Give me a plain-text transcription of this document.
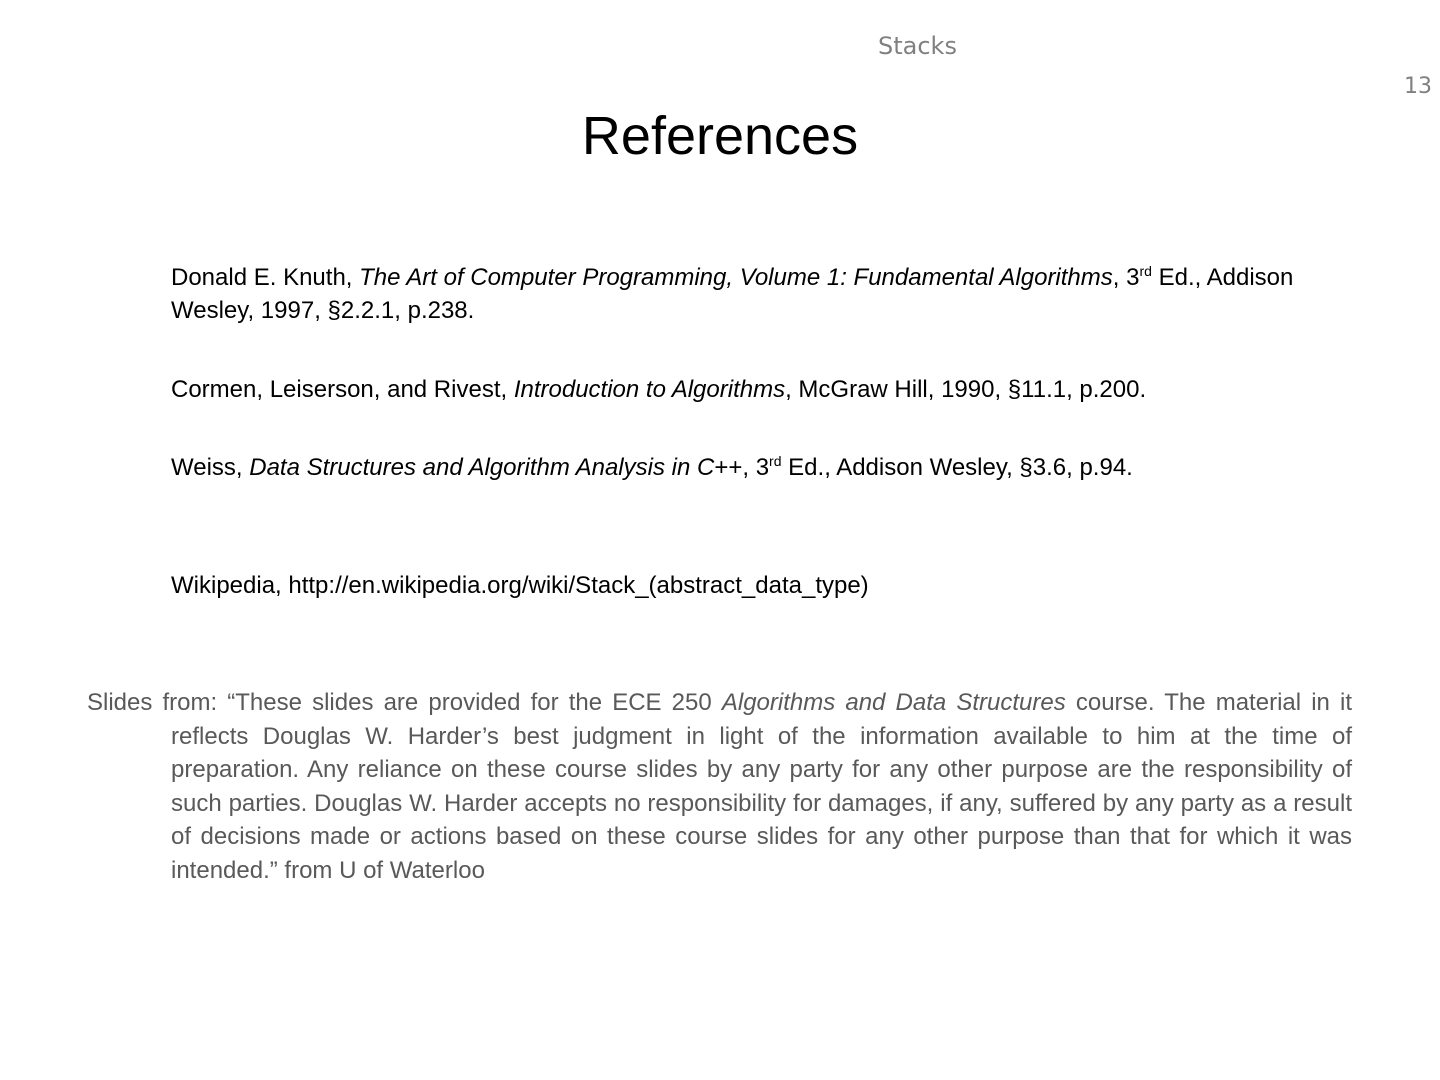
Stacks
13
References

Donald E. Knuth, The Art of Computer Programming, Volume 1: Fundamental Algorithms, 3rd Ed., Addison Wesley, 1997, §2.2.1, p.238.

Cormen, Leiserson, and Rivest, Introduction to Algorithms, McGraw Hill, 1990, §11.1, p.200.

Weiss, Data Structures and Algorithm Analysis in C++, 3rd Ed., Addison Wesley, §3.6, p.94.

Wikipedia, http://en.wikipedia.org/wiki/Stack_(abstract_data_type)

Slides from: “These slides are provided for the ECE 250 Algorithms and Data Structures course. The material in it reflects Douglas W. Harder’s best judgment in light of the information available to him at the time of preparation. Any reliance on these course slides by any party for any other purpose are the responsibility of such parties. Douglas W. Harder accepts no responsibility for damages, if any, suffered by any party as a result of decisions made or actions based on these course slides for any other purpose than that for which it was intended.” from U of Waterloo
